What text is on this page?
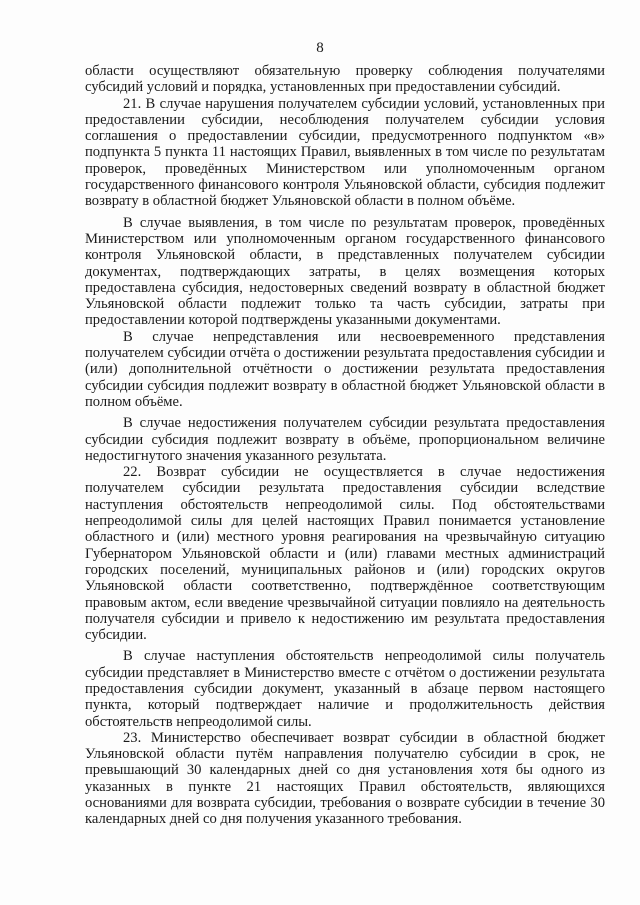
8

области осуществляют обязательную проверку соблюдения получателями субсидий условий и порядка, установленных при предоставлении субсидий.

21. В случае нарушения получателем субсидии условий, установленных при предоставлении субсидии, несоблюдения получателем субсидии условия соглашения о предоставлении субсидии, предусмотренного подпунктом «в» подпункта 5 пункта 11 настоящих Правил, выявленных в том числе по результатам проверок, проведённых Министерством или уполномоченным органом государственного финансового контроля Ульяновской области, субсидия подлежит возврату в областной бюджет Ульяновской области в полном объёме.

В случае выявления, в том числе по результатам проверок, проведённых Министерством или уполномоченным органом государственного финансового контроля Ульяновской области, в представленных получателем субсидии документах, подтверждающих затраты, в целях возмещения которых предоставлена субсидия, недостоверных сведений возврату в областной бюджет Ульяновской области подлежит только та часть субсидии, затраты при предоставлении которой подтверждены указанными документами.

В случае непредставления или несвоевременного представления получателем субсидии отчёта о достижении результата предоставления субсидии и (или) дополнительной отчётности о достижении результата предоставления субсидии субсидия подлежит возврату в областной бюджет Ульяновской области в полном объёме.

В случае недостижения получателем субсидии результата предоставления субсидии субсидия подлежит возврату в объёме, пропорциональном величине недостигнутого значения указанного результата.

22. Возврат субсидии не осуществляется в случае недостижения получателем субсидии результата предоставления субсидии вследствие наступления обстоятельств непреодолимой силы. Под обстоятельствами непреодолимой силы для целей настоящих Правил понимается установление областного и (или) местного уровня реагирования на чрезвычайную ситуацию Губернатором Ульяновской области и (или) главами местных администраций городских поселений, муниципальных районов и (или) городских округов Ульяновской области соответственно, подтверждённое соответствующим правовым актом, если введение чрезвычайной ситуации повлияло на деятельность получателя субсидии и привело к недостижению им результата предоставления субсидии.

В случае наступления обстоятельств непреодолимой силы получатель субсидии представляет в Министерство вместе с отчётом о достижении результата предоставления субсидии документ, указанный в абзаце первом настоящего пункта, который подтверждает наличие и продолжительность действия обстоятельств непреодолимой силы.

23. Министерство обеспечивает возврат субсидии в областной бюджет Ульяновской области путём направления получателю субсидии в срок, не превышающий 30 календарных дней со дня установления хотя бы одного из указанных в пункте 21 настоящих Правил обстоятельств, являющихся основаниями для возврата субсидии, требования о возврате субсидии в течение 30 календарных дней со дня получения указанного требования.
